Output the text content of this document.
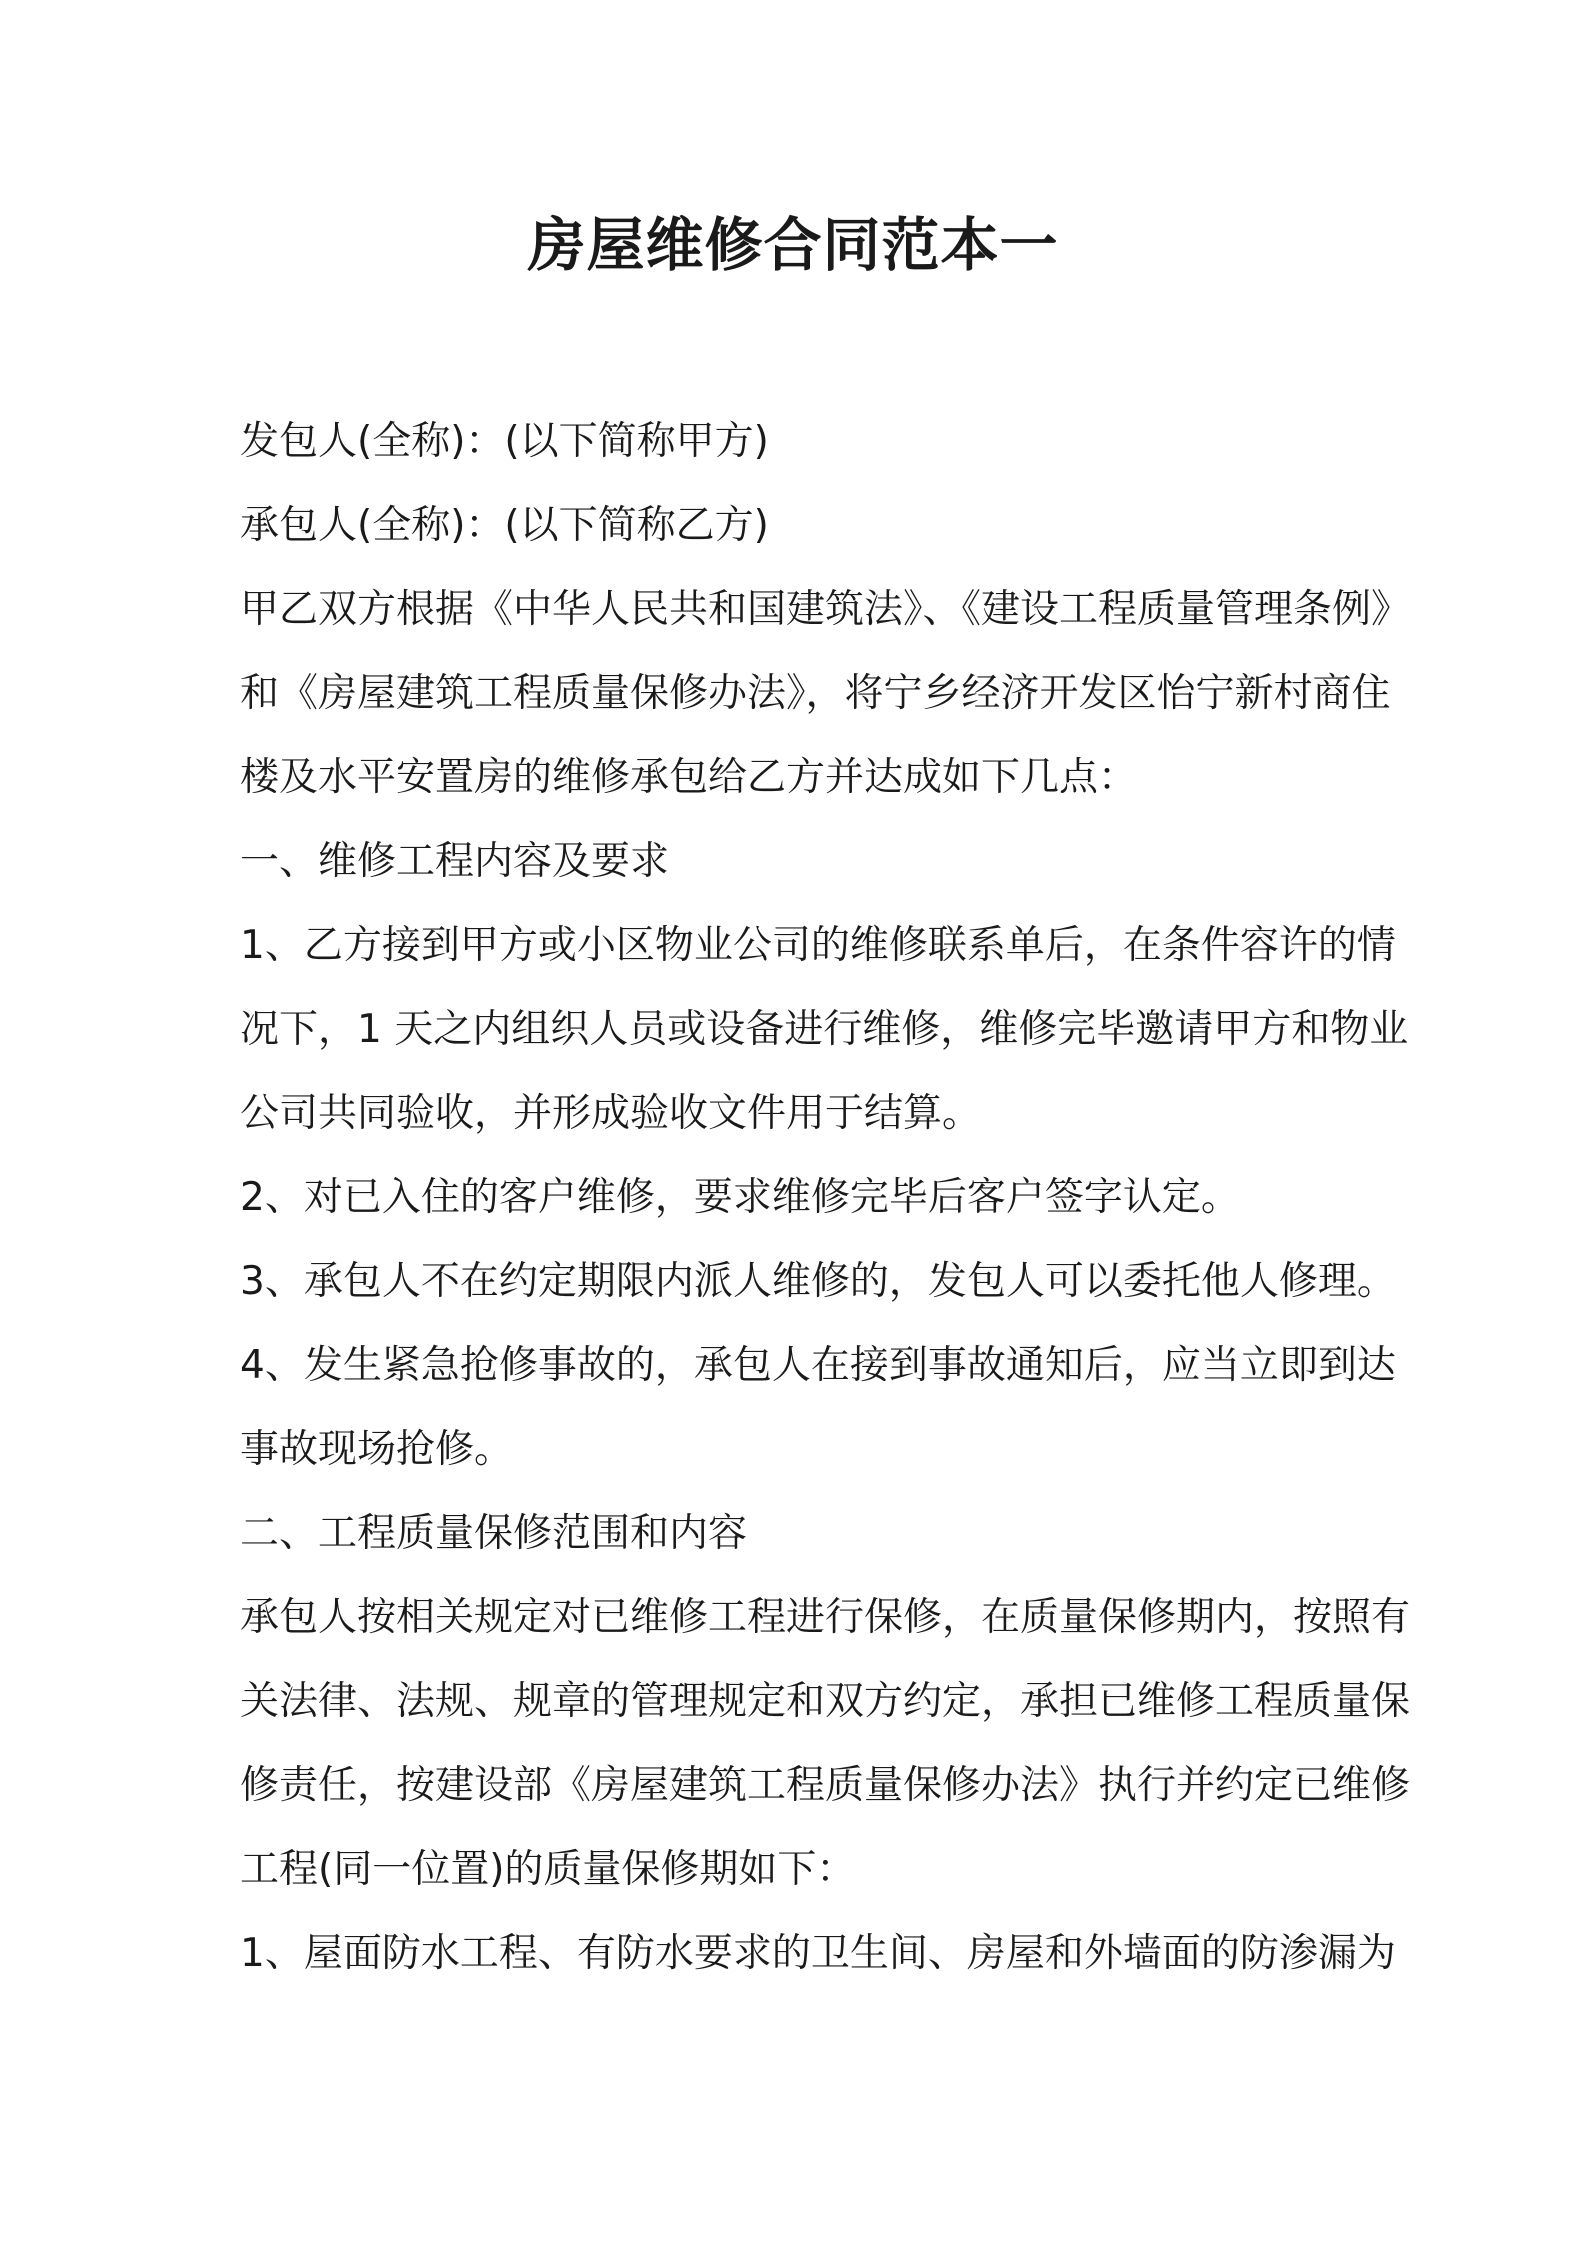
房屋维修合同范本一

发包人(全称)：(以下简称甲方)

承包人(全称)：(以下简称乙方)

甲乙双方根据《中华人民共和国建筑法》、《建设工程质量管理条例》

和《房屋建筑工程质量保修办法》，将宁乡经济开发区怡宁新村商住

楼及水平安置房的维修承包给乙方并达成如下几点：

一、维修工程内容及要求

1、乙方接到甲方或小区物业公司的维修联系单后，在条件容许的情

况下，1 天之内组织人员或设备进行维修，维修完毕邀请甲方和物业

公司共同验收，并形成验收文件用于结算。

2、对已入住的客户维修，要求维修完毕后客户签字认定。

3、承包人不在约定期限内派人维修的，发包人可以委托他人修理。

4、发生紧急抢修事故的，承包人在接到事故通知后，应当立即到达

事故现场抢修。

二、工程质量保修范围和内容

承包人按相关规定对已维修工程进行保修，在质量保修期内，按照有

关法律、法规、规章的管理规定和双方约定，承担已维修工程质量保

修责任，按建设部《房屋建筑工程质量保修办法》执行并约定已维修

工程(同一位置)的质量保修期如下：

1、屋面防水工程、有防水要求的卫生间、房屋和外墙面的防渗漏为
